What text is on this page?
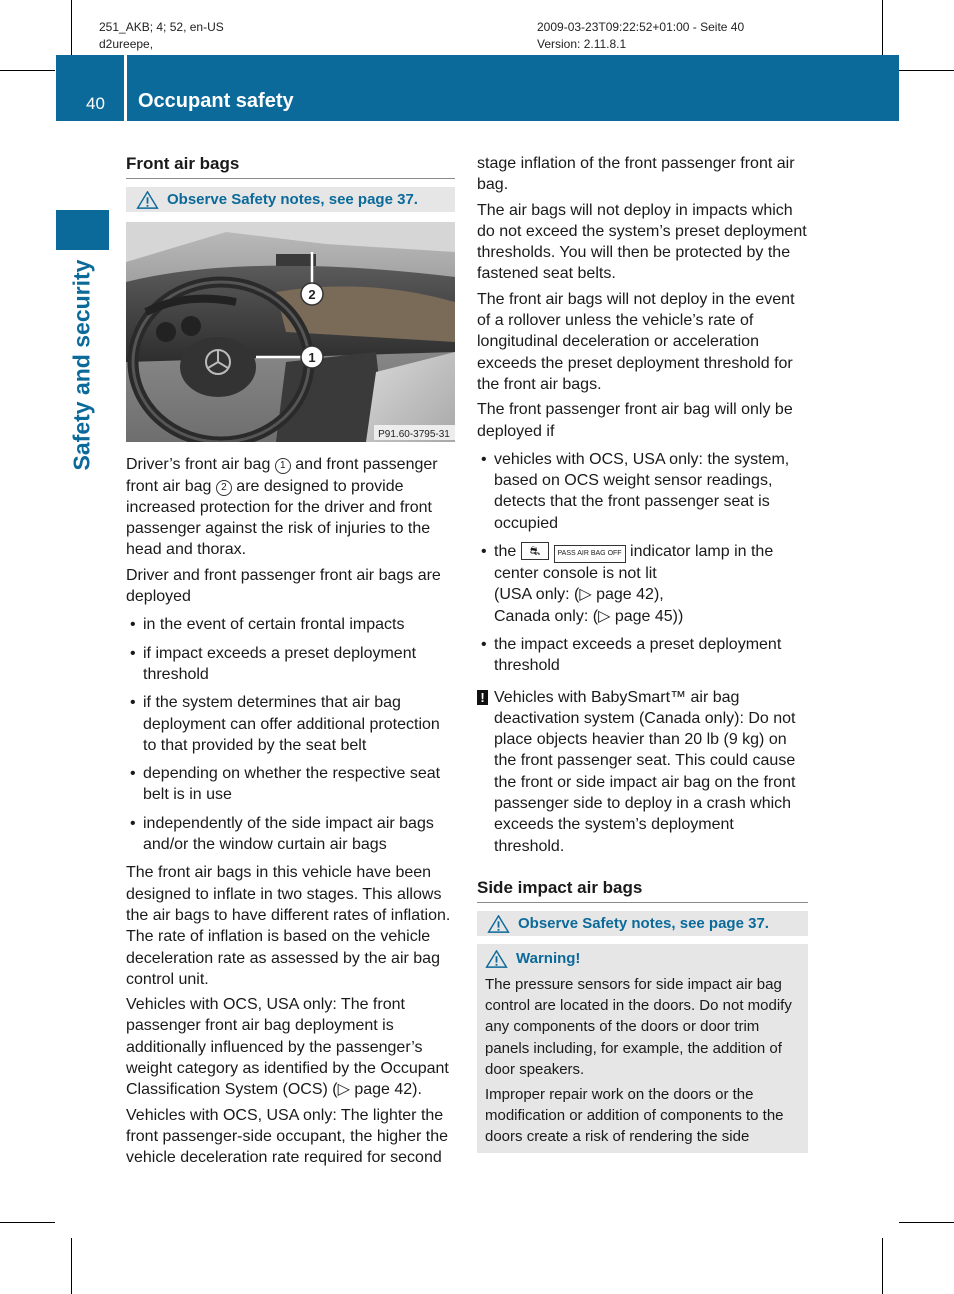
251_AKB; 4; 52, en-US
d2ureepe,
2009-03-23T09:22:52+01:00 - Seite 40
Version: 2.11.8.1
40 Occupant safety
Safety and security
Front air bags
Observe Safety notes, see page 37.
2
1
P91.60-3795-31

Driver’s front air bag 1 and front passenger front air bag 2 are designed to provide increased protection for the driver and front passenger against the risk of injuries to the head and thorax.

Driver and front passenger front air bags are deployed

• in the event of certain frontal impacts
• if impact exceeds a preset deployment threshold
• if the system determines that air bag deployment can offer additional protection to that provided by the seat belt
• depending on whether the respective seat belt is in use
• independently of the side impact air bags and/or the window curtain air bags

The front air bags in this vehicle have been designed to inflate in two stages. This allows the air bags to have different rates of inflation. The rate of inflation is based on the vehicle deceleration rate as assessed by the air bag control unit.

Vehicles with OCS, USA only: The front passenger front air bag deployment is additionally influenced by the passenger’s weight category as identified by the Occupant Classification System (OCS) (▷ page 42).

Vehicles with OCS, USA only: The lighter the front passenger-side occupant, the higher the vehicle deceleration rate required for second

stage inflation of the front passenger front air bag.

The air bags will not deploy in impacts which do not exceed the system’s preset deployment thresholds. You will then be protected by the fastened seat belts.

The front air bags will not deploy in the event of a rollover unless the vehicle’s rate of longitudinal deceleration or acceleration exceeds the preset deployment threshold for the front air bags.

The front passenger front air bag will only be deployed if

• vehicles with OCS, USA only: the system, based on OCS weight sensor readings, detects that the front passenger seat is occupied
• the ⛐ PASS AIR BAG OFF indicator lamp in the center console is not lit
(USA only: (▷ page 42),
Canada only: (▷ page 45))
• the impact exceeds a preset deployment threshold
! Vehicles with BabySmart™ air bag deactivation system (Canada only): Do not place objects heavier than 20 lb (9 kg) on the front passenger seat. This could cause the front or side impact air bag on the front passenger side to deploy in a crash which exceeds the system’s deployment threshold.
Side impact air bags
Observe Safety notes, see page 37.
Warning!

The pressure sensors for side impact air bag control are located in the doors. Do not modify any components of the doors or door trim panels including, for example, the addition of door speakers.

Improper repair work on the doors or the modification or addition of components to the doors create a risk of rendering the side
